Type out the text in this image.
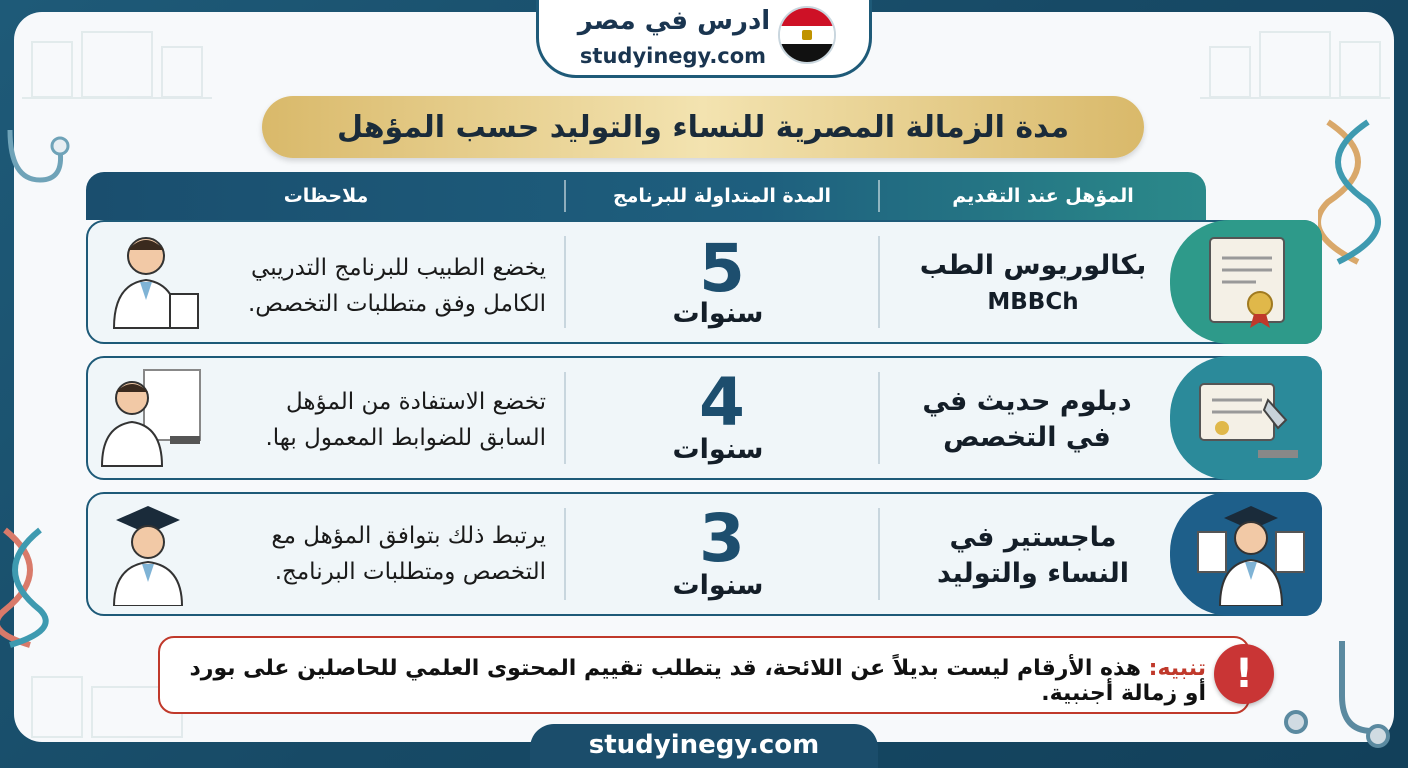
ادرس في مصر
studyinegy.com
مدة الزمالة المصرية للنساء والتوليد حسب المؤهل
المؤهل عند التقديم
المدة المتداولة للبرنامج
ملاحظات
بكالوريوس الطب
MBBCh
5
سنوات
يخضع الطبيب للبرنامج التدريبي
الكامل وفق متطلبات التخصص.
دبلوم حديث في
في التخصص
4
سنوات
تخضع الاستفادة من المؤهل
السابق للضوابط المعمول بها.
ماجستير في
النساء والتوليد
3
سنوات
يرتبط ذلك بتوافق المؤهل مع
التخصص ومتطلبات البرنامج.
!
تنبيه: هذه الأرقام ليست بديلاً عن اللائحة، قد يتطلب تقييم المحتوى العلمي للحاصلين على بورد أو زمالة أجنبية.
studyinegy.com
